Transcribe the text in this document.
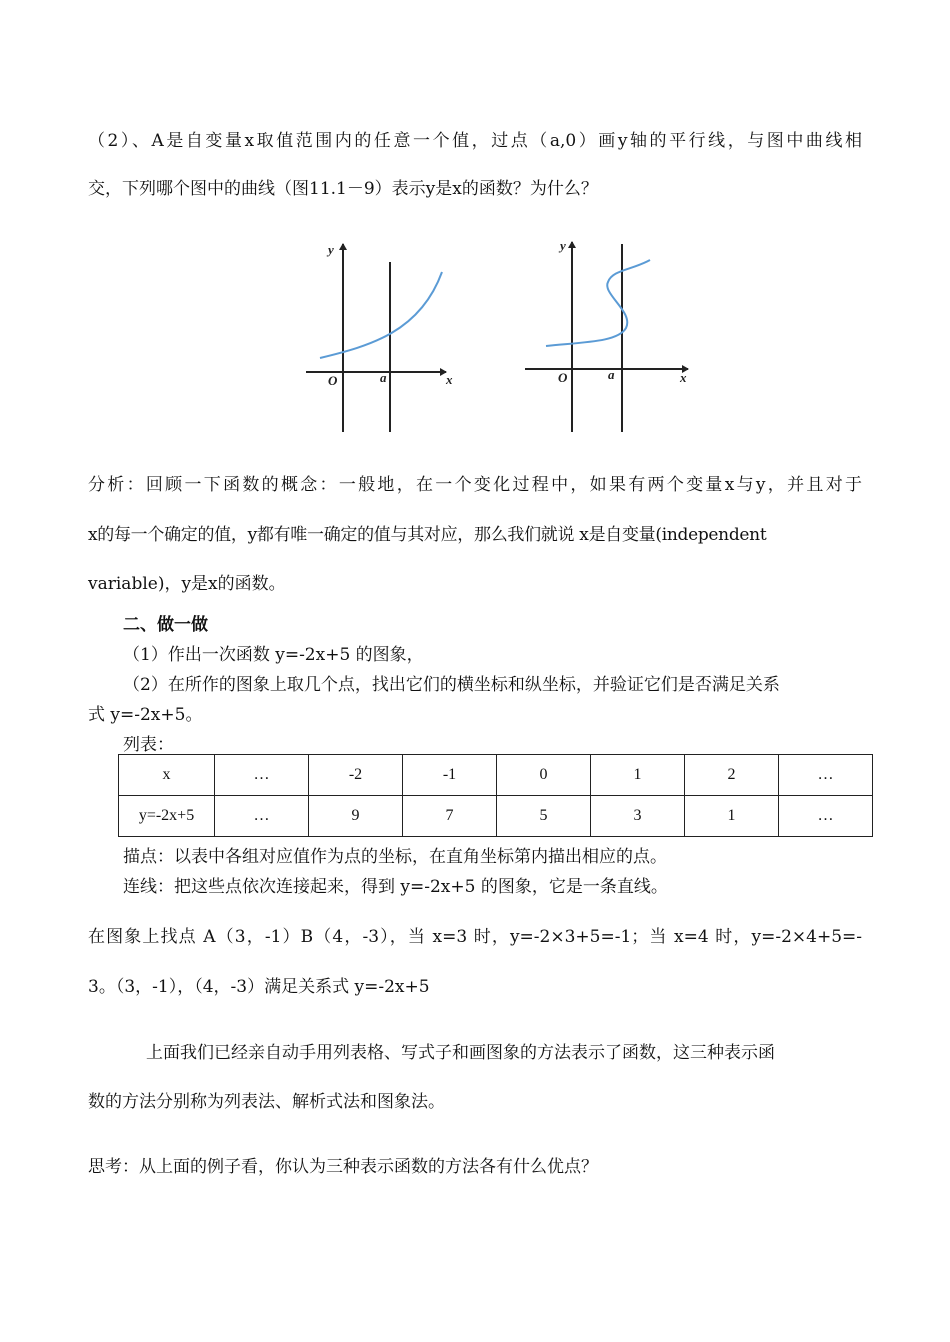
（2）、A是自变量x取值范围内的任意一个值，过点（a,0）画y轴的平行线，与图中曲线相
交，下列哪个图中的曲线（图11.1－9）表示y是x的函数？为什么？
y
x
O	a
y
x
O	a
分析：回顾一下函数的概念：一般地，在一个变化过程中，如果有两个变量x与y，并且对于
x的每一个确定的值，y都有唯一确定的值与其对应，那么我们就说 x是自变量(independent
variable)，y是x的函数。
二、做一做
（1）作出一次函数 y=-2x+5 的图象，
（2）在所作的图象上取几个点，找出它们的横坐标和纵坐标，并验证它们是否满足关系
式 y=-2x+5。
列表：
x	…	-2	-1	0	1	2	…
y=-2x+5	…	9	7	5	3	1	…
描点：以表中各组对应值作为点的坐标，在直角坐标第内描出相应的点。
连线：把这些点依次连接起来，得到 y=-2x+5 的图象，它是一条直线。
在图象上找点 A（3，-1）B（4，-3），当 x=3 时，y=-2×3+5=-1；当 x=4 时，y=-2×4+5=-
3。（3，-1），（4，-3）满足关系式 y=-2x+5
上面我们已经亲自动手用列表格、写式子和画图象的方法表示了函数，这三种表示函
数的方法分别称为列表法、解析式法和图象法。
思考：从上面的例子看，你认为三种表示函数的方法各有什么优点？
